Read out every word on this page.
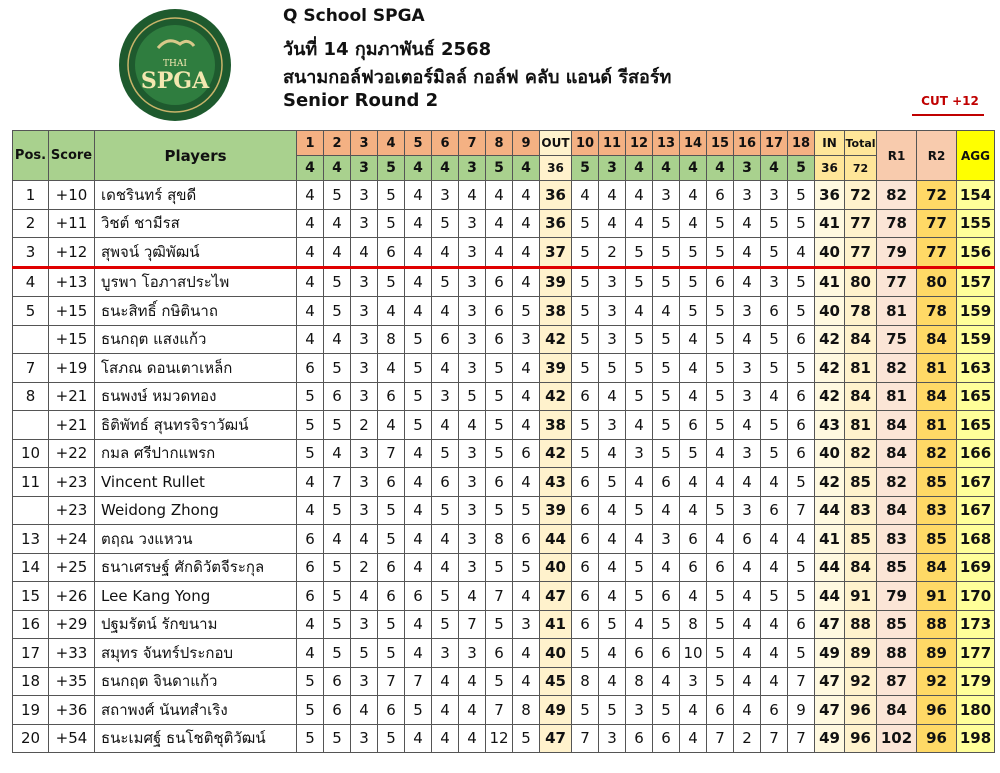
THAI
SPGA
Q School SPGA
วันที่ 14 กุมภาพันธ์ 2568
สนามกอล์ฟวอเตอร์มิลล์ กอล์ฟ คลับ แอนด์ รีสอร์ท
Senior Round 2	CUT +12
Pos.	Score	Players	1	2	3	4	5	6	7	8	9	OUT	10	11	12	13	14	15	16	17	18	IN	Total	R1	R2	AGG
			4	4	3	5	4	4	3	5	4	36	5	3	4	4	4	4	3	4	5	36	72			
1	+10	เดชรินทร์ สุขดี	4	5	3	5	4	3	4	4	4	36	4	4	4	3	4	6	3	3	5	36	72	82	72	154
2	+11	วิชต์ ชามีรส	4	4	3	5	4	5	3	4	4	36	5	4	4	5	4	5	4	5	5	41	77	78	77	155
3	+12	สุพจน์ วุฒิพัฒน์	4	4	4	6	4	4	3	4	4	37	5	2	5	5	5	5	4	5	4	40	77	79	77	156
4	+13	บูรพา โอภาสประไพ	4	5	3	5	4	5	3	6	4	39	5	3	5	5	5	6	4	3	5	41	80	77	80	157
5	+15	ธนะสิทธิ์ กษิตินาถ	4	5	3	4	4	4	3	6	5	38	5	3	4	4	5	5	3	6	5	40	78	81	78	159
	+15	ธนกฤต แสงแก้ว	4	4	3	8	5	6	3	6	3	42	5	3	5	5	4	5	4	5	6	42	84	75	84	159
7	+19	โสภณ ดอนเตาเหล็ก	6	5	3	4	5	4	3	5	4	39	5	5	5	5	4	5	3	5	5	42	81	82	81	163
8	+21	ธนพงษ์ หมวดทอง	5	6	3	6	5	3	5	5	4	42	6	4	5	5	4	5	3	4	6	42	84	81	84	165
	+21	ธิติพัทธ์ สุนทรจิราวัฒน์	5	5	2	4	5	4	4	5	4	38	5	3	4	5	6	5	4	5	6	43	81	84	81	165
10	+22	กมล ศรีปากแพรก	5	4	3	7	4	5	3	5	6	42	5	4	3	5	5	4	3	5	6	40	82	84	82	166
11	+23	Vincent Rullet	4	7	3	6	4	6	3	6	4	43	6	5	4	6	4	4	4	4	5	42	85	82	85	167
	+23	Weidong Zhong	4	5	3	5	4	5	3	5	5	39	6	4	5	4	4	5	3	6	7	44	83	84	83	167
13	+24	ตฤณ วงแหวน	6	4	4	5	4	4	3	8	6	44	6	4	4	3	6	4	6	4	4	41	85	83	85	168
14	+25	ธนาเศรษฐ์ ศักดิวัตจีระกุล	6	5	2	6	4	4	3	5	5	40	6	4	5	4	6	6	4	4	5	44	84	85	84	169
15	+26	Lee Kang Yong	6	5	4	6	6	5	4	7	4	47	6	4	5	6	4	5	4	5	5	44	91	79	91	170
16	+29	ปฐมรัตน์ รักขนาม	4	5	3	5	4	5	7	5	3	41	6	5	4	5	8	5	4	4	6	47	88	85	88	173
17	+33	สมุทร จันทร์ประกอบ	4	5	5	5	4	3	3	6	4	40	5	4	6	6	10	5	4	4	5	49	89	88	89	177
18	+35	ธนกฤต จินดาแก้ว	5	6	3	7	7	4	4	5	4	45	8	4	8	4	3	5	4	4	7	47	92	87	92	179
19	+36	สถาพงศ์ นันทสำเริง	5	6	4	6	5	4	4	7	8	49	5	5	3	5	4	6	4	6	9	47	96	84	96	180
20	+54	ธนะเมศฐ์ ธนโชติชุติวัฒน์	5	5	3	5	4	4	4	12	5	47	7	3	6	6	4	7	2	7	7	49	96	102	96	198
